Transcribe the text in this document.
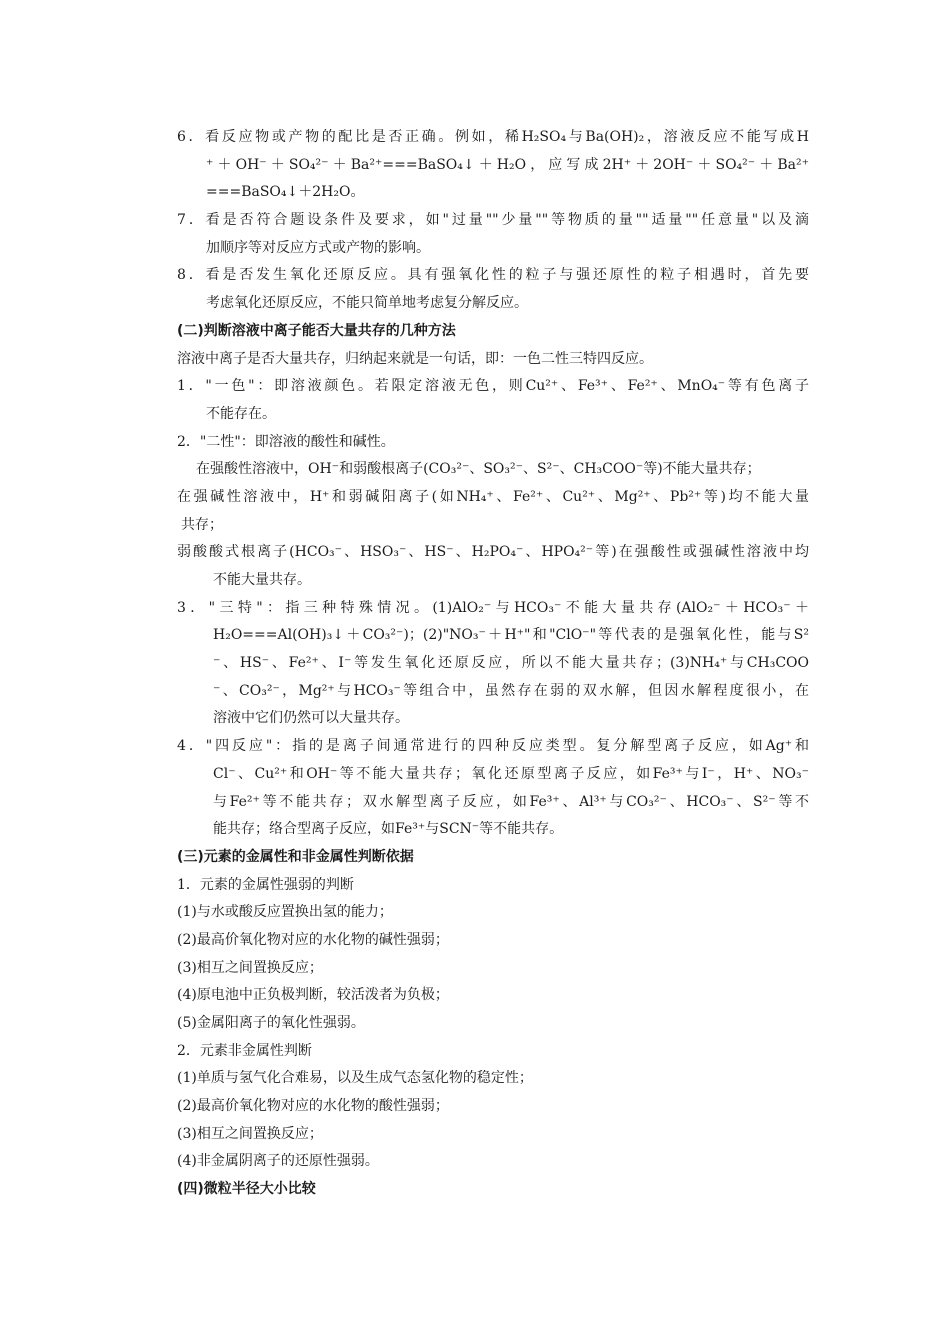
6．看反应物或产物的配比是否正确。例如，稀H₂SO₄与Ba(OH)₂，溶液反应不能写成H
⁺＋OH⁻＋SO₄²⁻＋Ba²⁺===BaSO₄↓＋H₂O，应写成2H⁺＋2OH⁻＋SO₄²⁻＋Ba²⁺
===BaSO₄↓＋2H₂O。
7．看是否符合题设条件及要求，如"过量""少量""等物质的量""适量""任意量"以及滴
加顺序等对反应方式或产物的影响。
8．看是否发生氧化还原反应。具有强氧化性的粒子与强还原性的粒子相遇时，首先要
考虑氧化还原反应，不能只简单地考虑复分解反应。
(二)判断溶液中离子能否大量共存的几种方法
溶液中离子是否大量共存，归纳起来就是一句话，即：一色二性三特四反应。
1．"一色"：即溶液颜色。若限定溶液无色，则Cu²⁺、Fe³⁺、Fe²⁺、MnO₄⁻等有色离子
不能存在。
2．"二性"：即溶液的酸性和碱性。
在强酸性溶液中，OH⁻和弱酸根离子(CO₃²⁻、SO₃²⁻、S²⁻、CH₃COO⁻等)不能大量共存；
在强碱性溶液中，H⁺和弱碱阳离子(如NH₄⁺、Fe²⁺、Cu²⁺、Mg²⁺、Pb²⁺等)均不能大量
共存；
弱酸酸式根离子(HCO₃⁻、HSO₃⁻、HS⁻、H₂PO₄⁻、HPO₄²⁻等)在强酸性或强碱性溶液中均
不能大量共存。
3．"三特"：指三种特殊情况。(1)AlO₂⁻与HCO₃⁻不能大量共存(AlO₂⁻＋HCO₃⁻＋
H₂O===Al(OH)₃↓＋CO₃²⁻)；(2)"NO₃⁻＋H⁺"和"ClO⁻"等代表的是强氧化性，能与S²
⁻、HS⁻、Fe²⁺、I⁻等发生氧化还原反应，所以不能大量共存；(3)NH₄⁺与CH₃COO
⁻、CO₃²⁻，Mg²⁺与HCO₃⁻等组合中，虽然存在弱的双水解，但因水解程度很小，在
溶液中它们仍然可以大量共存。
4．"四反应"：指的是离子间通常进行的四种反应类型。复分解型离子反应，如Ag⁺和
Cl⁻、Cu²⁺和OH⁻等不能大量共存；氧化还原型离子反应，如Fe³⁺与I⁻，H⁺、NO₃⁻
与Fe²⁺等不能共存；双水解型离子反应，如Fe³⁺、Al³⁺与CO₃²⁻、HCO₃⁻、S²⁻等不
能共存；络合型离子反应，如Fe³⁺与SCN⁻等不能共存。
(三)元素的金属性和非金属性判断依据
1．元素的金属性强弱的判断
(1)与水或酸反应置换出氢的能力；
(2)最高价氧化物对应的水化物的碱性强弱；
(3)相互之间置换反应；
(4)原电池中正负极判断，较活泼者为负极；
(5)金属阳离子的氧化性强弱。
2．元素非金属性判断
(1)单质与氢气化合难易，以及生成气态氢化物的稳定性；
(2)最高价氧化物对应的水化物的酸性强弱；
(3)相互之间置换反应；
(4)非金属阴离子的还原性强弱。
(四)微粒半径大小比较
